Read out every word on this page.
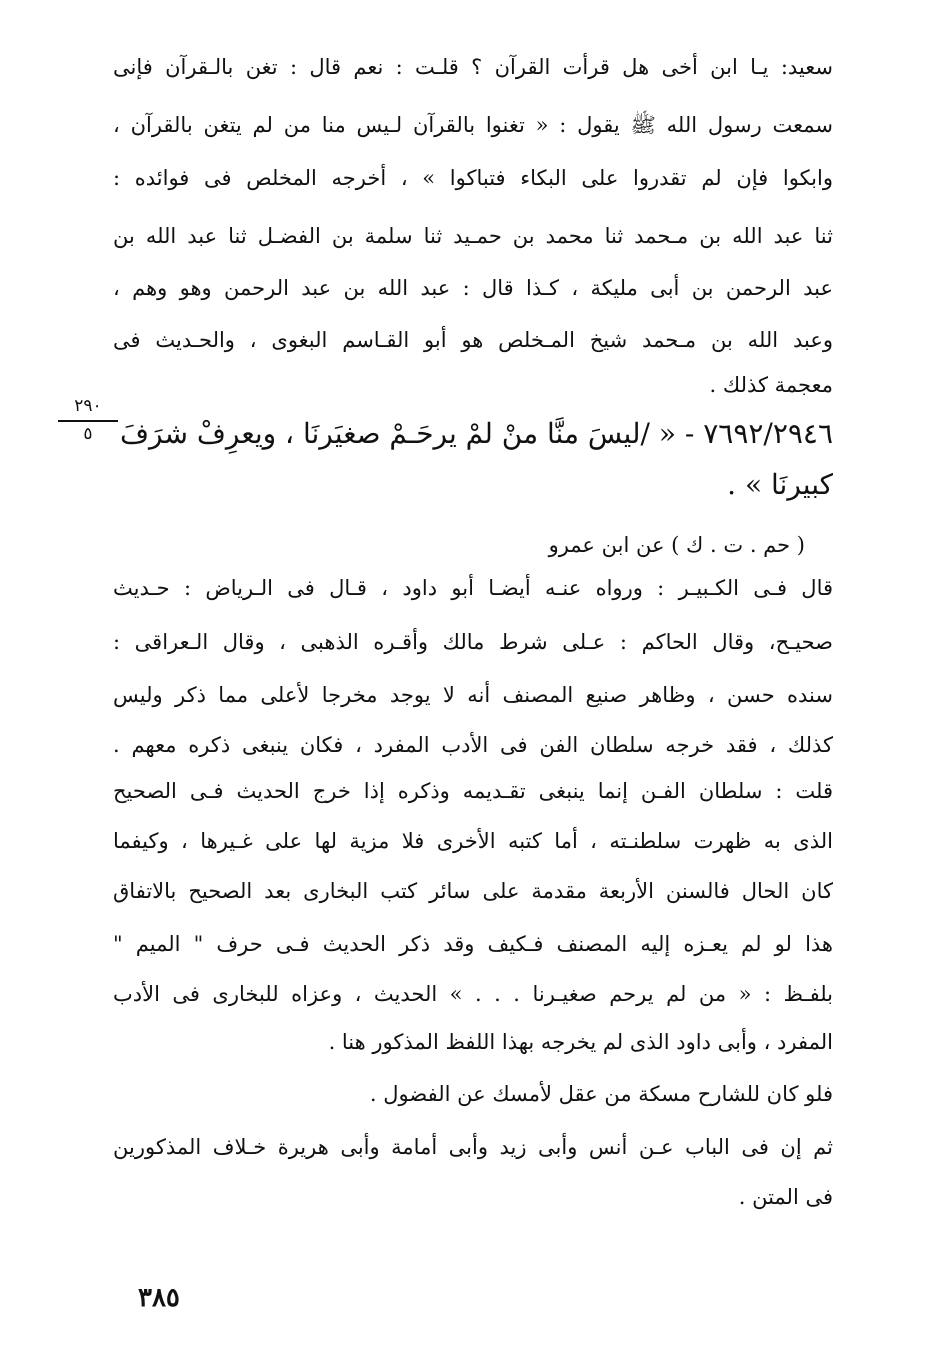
سعيد: يـا ابن أخى هل قرأت القرآن ؟ قلـت : نعم قال : تغن بالـقرآن فإنى
سمعت رسول الله ﷺ يقول : « تغنوا بالقرآن لـيس منا من لم يتغن بالقرآن ،
وابكوا فإن لم تقدروا على البكاء فتباكوا » ، أخرجه المخلص فى فوائده :
ثنا عبد الله بن مـحمد ثنا محمد بن حمـيد ثنا سلمة بن الفضـل ثنا عبد الله بن
عبد الرحمن بن أبى مليكة ، كـذا قال : عبد الله بن عبد الرحمن وهو وهم ،
وعبد الله بن مـحمد شيخ المـخلص هو أبو القـاسم البغوى ، والحـديث فى
معجمة كذلك .
٢٩٠
٥	٧٦٩٢/٢٩٤٦ - « /ليسَ منَّا منْ لمْ يرحَـمْ صغيَرنَا ، ويعرِفْ شرَفَ
كبيرنَا » .
( حم . ت . ك ) عن ابن عمرو
قال فـى الكـبيـر : ورواه عنـه أيضـا أبو داود ، قـال فى الـرياض : حـديث
صحيـح، وقال الحاكم : عـلى شرط مالك وأقـره الذهبى ، وقال الـعراقى :
سنده حسن ، وظاهر صنيع المصنف أنه لا يوجد مخرجا لأعلى مما ذكر وليس
كذلك ، فقد خرجه سلطان الفن فى الأدب المفرد ، فكان ينبغى ذكره معهم .
قلت : سلطان الفـن إنما ينبغى تقـديمه وذكره إذا خرج الحديث فـى الصحيح
الذى به ظهرت سلطنـته ، أما كتبه الأخرى فلا مزية لها على غـيرها ، وكيفما
كان الحال فالسنن الأربعة مقدمة على سائر كتب البخارى بعد الصحيح بالاتفاق
هذا لو لم يعـزه إليه المصنف فـكيف وقد ذكر الحديث فـى حرف " الميم "
بلفـظ : « من لم يرحم صغيـرنا . . . » الحديث ، وعزاه للبخارى فى الأدب
المفرد ، وأبى داود الذى لم يخرجه بهذا اللفظ المذكور هنا .
فلو كان للشارح مسكة من عقل لأمسك عن الفضول .
ثم إن فى الباب عـن أنس وأبى زيد وأبى أمامة وأبى هريرة خـلاف المذكورين
فى المتن .
٣٨٥
